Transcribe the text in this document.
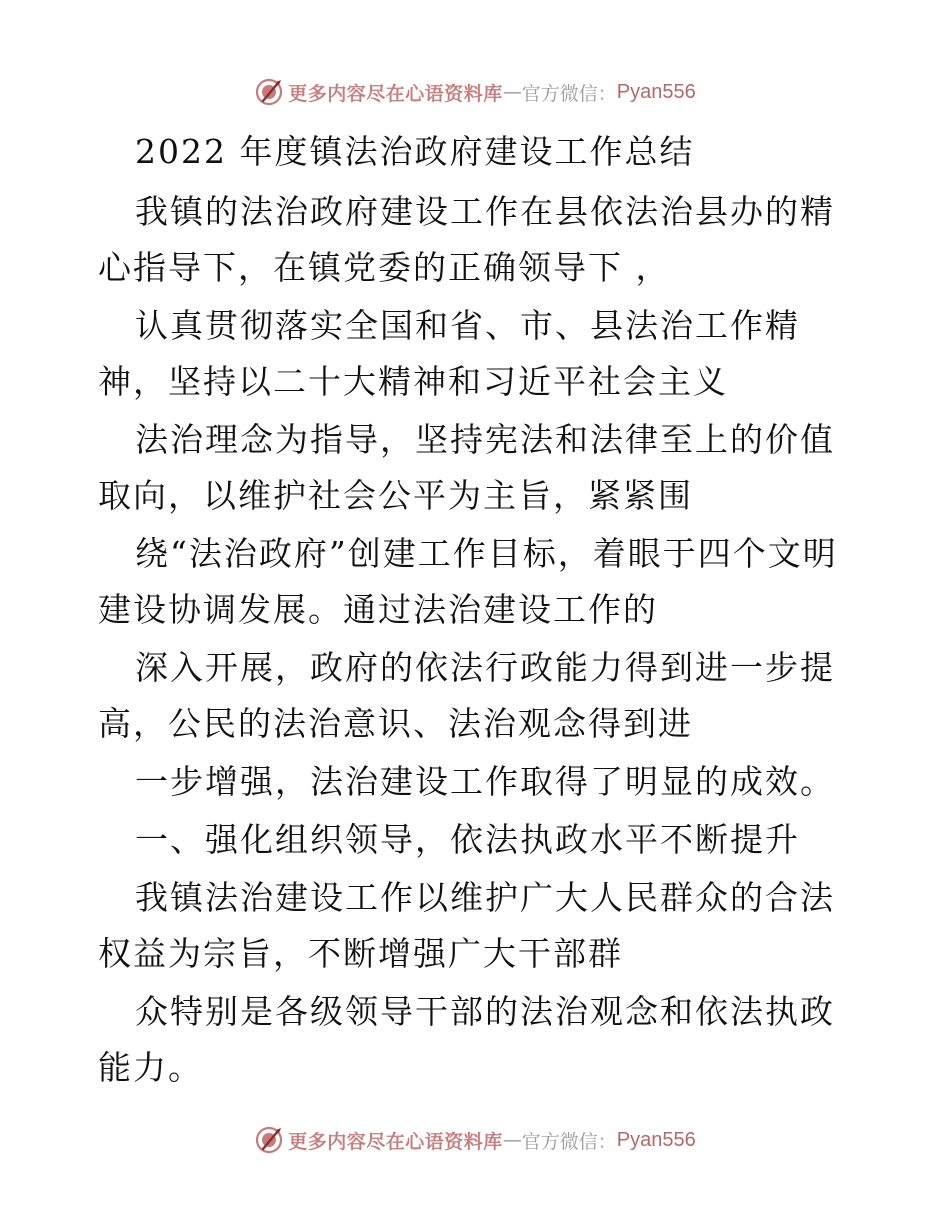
更多内容尽在心语资料库 — 官方微信： Pyan556
2022 年度镇法治政府建设工作总结

我镇的法治政府建设工作在县依法治县办的精心指导下，在镇党委的正确领导下 ，

认真贯彻落实全国和省、市、县法治工作精神，坚持以二十大精神和习近平社会主义

法治理念为指导，坚持宪法和法律至上的价值取向，以维护社会公平为主旨，紧紧围

绕“法治政府”创建工作目标，着眼于四个文明建设协调发展。通过法治建设工作的

深入开展，政府的依法行政能力得到进一步提高，公民的法治意识、法治观念得到进

一步增强，法治建设工作取得了明显的成效。

一、强化组织领导，依法执政水平不断提升

我镇法治建设工作以维护广大人民群众的合法权益为宗旨，不断增强广大干部群

众特别是各级领导干部的法治观念和依法执政能力。

更多内容尽在心语资料库 — 官方微信： Pyan556
